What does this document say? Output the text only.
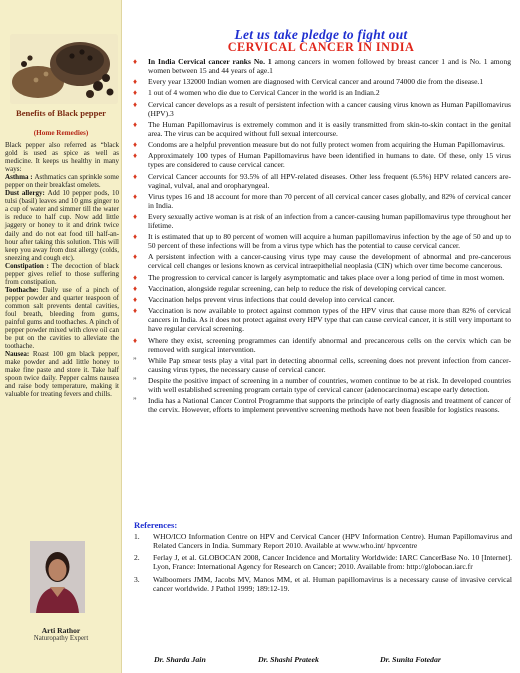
Benefits of Black pepper
(Home Remedies)

Black pepper also referred as “black gold is used as spice as well as medicine. It keeps us healthy in many ways:

Asthma : Asthmatics can sprinkle some pepper on their breakfast omelets.

Dust allergy: Add 10 pepper pods, 10 tulsi (basil) leaves and 10 gms ginger to a cup of water and simmer till the water is reduce to half cup. Now add little jaggery or honey to it and drink twice daily and do not eat food till half-an-hour after taking this solution. This will keep you away from dust allergy (colds, sneezing and cough etc).

Constipation : The decoction of black pepper gives relief to those suffering from constipation.

Toothache: Daily use of a pinch of pepper powder and quarter teaspoon of common salt prevents dental cavities, foul breath, bleeding from gums, painful gums and toothaches. A pinch of pepper powder mixed with clove oil can be put on the cavities to alleviate the toothache.

Nausea: Roast 100 gm black pepper, make powder and add little honey to make fine paste and store it. Take half spoon twice daily. Pepper calms nausea and raise body temperature, making it valuable for treating fevers and chills.

Arti Rathor
Naturopathy Expert
Let us take pledge to fight out
CERVICAL CANCER IN INDIA
♦ In India Cervical cancer ranks No. 1 among cancers in women followed by breast cancer 1 and is No. 1 among women between 15 and 44 years of age.1
♦ Every year 132000 Indian women are diagnosed with Cervical cancer and around 74000 die from the disease.1
♦ 1 out of 4 women who die due to Cervical Cancer in the world is an Indian.2
♦ Cervical cancer develops as a result of persistent infection with a cancer causing virus known as Human Papillomavirus (HPV).3
♦ The Human Papillomavirus is extremely common and it is easily transmitted from skin-to-skin contact in the genital area. The virus can be acquired without full sexual intercourse.
♦ Condoms are a helpful prevention measure but do not fully protect women from acquiring the Human Papillomavirus.
♦ Approximately 100 types of Human Papillomavirus have been identified in humans to date. Of these, only 15 virus types are considered to cause cervical cancer.
♦ Cervical Cancer accounts for 93.5% of all HPV-related diseases. Other less frequent (6.5%) HPV related cancers are- vaginal, vulval, anal and oropharyngeal.
♦ Virus types 16 and 18 account for more than 70 percent of all cervical cancer cases globally, and 82% of cervical cancer in India.
♦ Every sexually active woman is at risk of an infection from a cancer-causing human papillomavirus type throughout her lifetime.
♦ It is estimated that up to 80 percent of women will acquire a human papillomavirus infection by the age of 50 and up to 50 percent of these infections will be from a virus type which has the potential to cause cervical cancer.
♦ A persistent infection with a cancer-causing virus type may cause the development of abnormal and pre-cancerous cervical cell changes or lesions known as cervical intraepithelial neoplasia (CIN) which over time become cancerous.
♦ The progression to cervical cancer is largely asymptomatic and takes place over a long period of time in most women.
♦ Vaccination, alongside regular screening, can help to reduce the risk of developing cervical cancer.
♦ Vaccination helps prevent virus infections that could develop into cervical cancer.
♦ Vaccination is now available to protect against common types of the HPV virus that cause more than 82% of cervical cancers in India. As it does not protect against every HPV type that can cause cervical cancer, it is still very important to have regular cervical screening.
♦ Where they exist, screening programmes can identify abnormal and precancerous cells on the cervix which can be removed with surgical intervention.
” While Pap smear tests play a vital part in detecting abnormal cells, screening does not prevent infection from cancer-causing virus types, the necessary cause of cervical cancer.
” Despite the positive impact of screening in a number of countries, women continue to be at risk. In developed countries with well established screening program certain type of cervical cancer (adenocarcinoma) escape early detection.
” India has a National Cancer Control Programme that supports the principle of early diagnosis and treatment of cancer of the cervix. However, efforts to implement preventive screening methods have not been feasible for logistics reasons.
References:
1. WHO/ICO Information Centre on HPV and Cervical Cancer (HPV Information Centre). Human Papillomavirus and Related Cancers in India. Summary Report 2010. Available at www.who.int/ hpvcentre
2. Ferlay J, et al. GLOBOCAN 2008, Cancer Incidence and Mortality Worldwide: IARC CancerBase No. 10 [Internet]. Lyon, France: International Agency for Research on Cancer; 2010. Available from: http://globocan.iarc.fr
3. Walboomers JMM, Jacobs MV, Manos MM, et al. Human papillomavirus is a necessary cause of invasive cervical cancer worldwide. J Pathol 1999; 189:12-19.
Dr. Sharda Jain	Dr. Shashi Prateek	Dr. Sunita Fotedar
